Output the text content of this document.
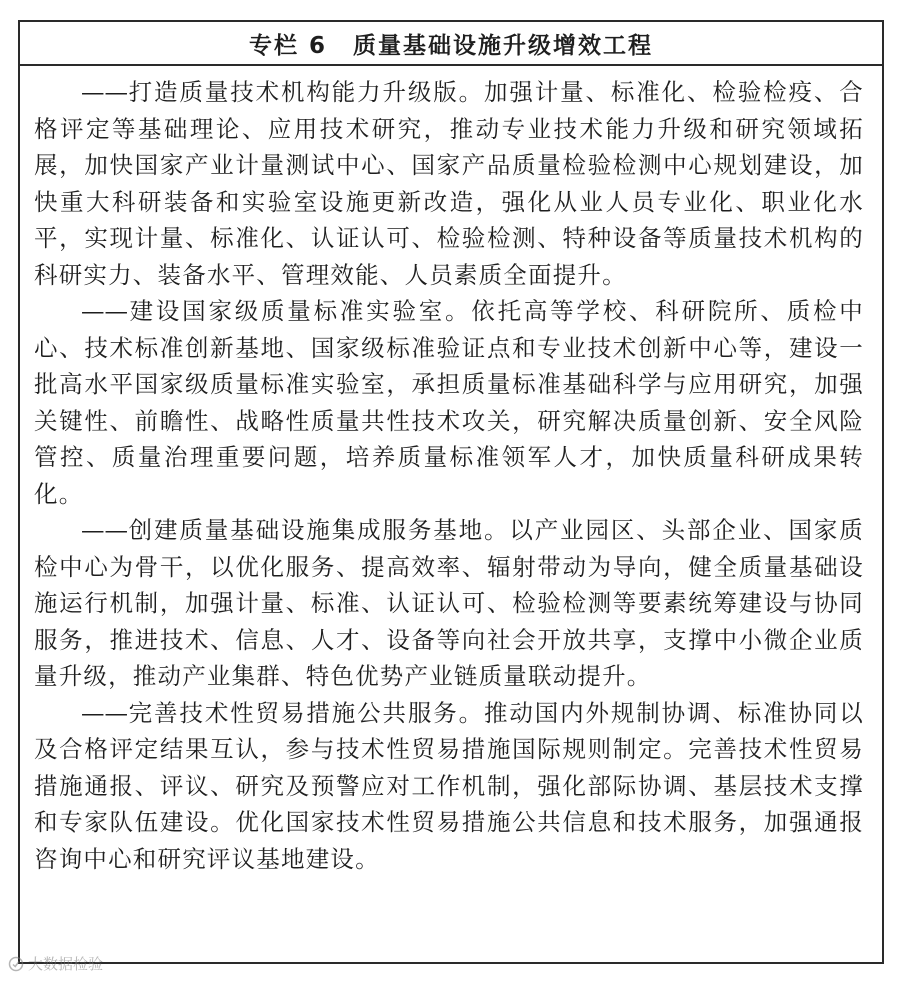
专栏 6 质量基础设施升级增效工程

——打造质量技术机构能力升级版。加强计量、标准化、检验检疫、合格评定等基础理论、应用技术研究，推动专业技术能力升级和研究领域拓展，加快国家产业计量测试中心、国家产品质量检验检测中心规划建设，加快重大科研装备和实验室设施更新改造，强化从业人员专业化、职业化水平，实现计量、标准化、认证认可、检验检测、特种设备等质量技术机构的科研实力、装备水平、管理效能、人员素质全面提升。

——建设国家级质量标准实验室。依托高等学校、科研院所、质检中心、技术标准创新基地、国家级标准验证点和专业技术创新中心等，建设一批高水平国家级质量标准实验室，承担质量标准基础科学与应用研究，加强关键性、前瞻性、战略性质量共性技术攻关，研究解决质量创新、安全风险管控、质量治理重要问题，培养质量标准领军人才，加快质量科研成果转化。

——创建质量基础设施集成服务基地。以产业园区、头部企业、国家质检中心为骨干，以优化服务、提高效率、辐射带动为导向，健全质量基础设施运行机制，加强计量、标准、认证认可、检验检测等要素统筹建设与协同服务，推进技术、信息、人才、设备等向社会开放共享，支撑中小微企业质量升级，推动产业集群、特色优势产业链质量联动提升。

——完善技术性贸易措施公共服务。推动国内外规制协调、标准协同以及合格评定结果互认，参与技术性贸易措施国际规则制定。完善技术性贸易措施通报、评议、研究及预警应对工作机制，强化部际协调、基层技术支撑和专家队伍建设。优化国家技术性贸易措施公共信息和技术服务，加强通报咨询中心和研究评议基地建设。

大数据检验
